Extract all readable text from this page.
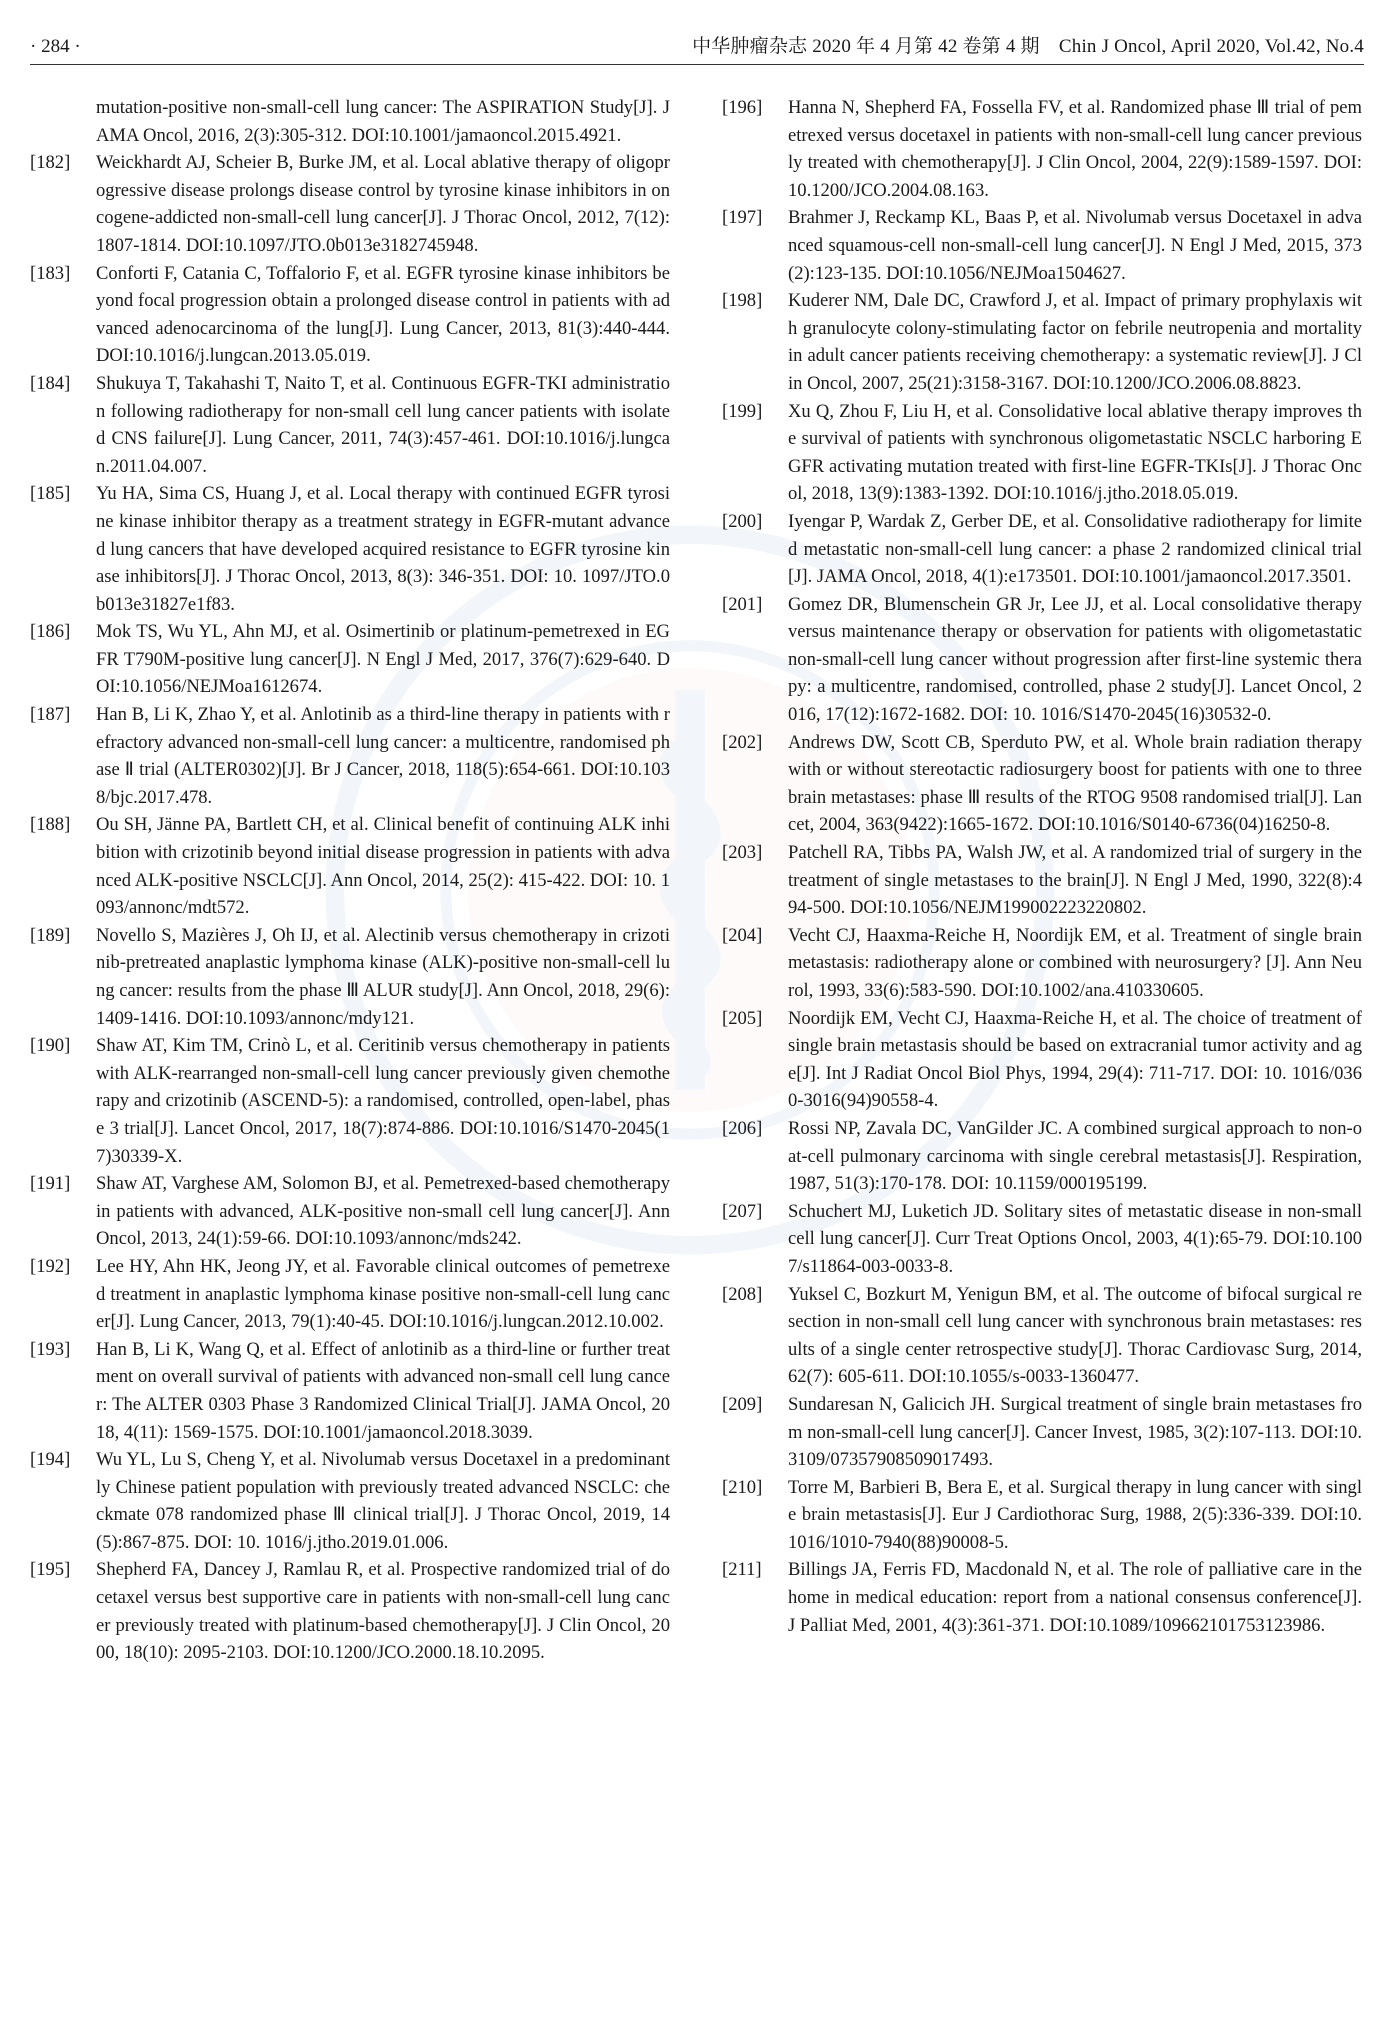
· 284 ·	中华肿瘤杂志 2020 年 4 月第 42 卷第 4 期　Chin J Oncol, April 2020, Vol.42, No.4
mutation-positive non-small-cell lung cancer: The ASPIRATION Study[J]. JAMA Oncol, 2016, 2(3):305-312. DOI:10.1001/jamaoncol.2015.4921.
[182]	Weickhardt AJ, Scheier B, Burke JM, et al. Local ablative therapy of oligoprogressive disease prolongs disease control by tyrosine kinase inhibitors in oncogene-addicted non-small-cell lung cancer[J]. J Thorac Oncol, 2012, 7(12): 1807-1814. DOI:10.1097/JTO.0b013e3182745948.
[183]	Conforti F, Catania C, Toffalorio F, et al. EGFR tyrosine kinase inhibitors beyond focal progression obtain a prolonged disease control in patients with advanced adenocarcinoma of the lung[J]. Lung Cancer, 2013, 81(3):440-444. DOI:10.1016/j.lungcan.2013.05.019.
[184]	Shukuya T, Takahashi T, Naito T, et al. Continuous EGFR-TKI administration following radiotherapy for non-small cell lung cancer patients with isolated CNS failure[J]. Lung Cancer, 2011, 74(3):457-461. DOI:10.1016/j.lungcan.2011.04.007.
[185]	Yu HA, Sima CS, Huang J, et al. Local therapy with continued EGFR tyrosine kinase inhibitor therapy as a treatment strategy in EGFR-mutant advanced lung cancers that have developed acquired resistance to EGFR tyrosine kinase inhibitors[J]. J Thorac Oncol, 2013, 8(3): 346-351. DOI: 10. 1097/JTO.0b013e31827e1f83.
[186]	Mok TS, Wu YL, Ahn MJ, et al. Osimertinib or platinum-pemetrexed in EGFR T790M-positive lung cancer[J]. N Engl J Med, 2017, 376(7):629-640. DOI:10.1056/NEJMoa1612674.
[187]	Han B, Li K, Zhao Y, et al. Anlotinib as a third-line therapy in patients with refractory advanced non-small-cell lung cancer: a multicentre, randomised phase Ⅱ trial (ALTER0302)[J]. Br J Cancer, 2018, 118(5):654-661. DOI:10.1038/bjc.2017.478.
[188]	Ou SH, Jänne PA, Bartlett CH, et al. Clinical benefit of continuing ALK inhibition with crizotinib beyond initial disease progression in patients with advanced ALK-positive NSCLC[J]. Ann Oncol, 2014, 25(2): 415-422. DOI: 10. 1093/annonc/mdt572.
[189]	Novello S, Mazières J, Oh IJ, et al. Alectinib versus chemotherapy in crizotinib-pretreated anaplastic lymphoma kinase (ALK)-positive non-small-cell lung cancer: results from the phase Ⅲ ALUR study[J]. Ann Oncol, 2018, 29(6):1409-1416. DOI:10.1093/annonc/mdy121.
[190]	Shaw AT, Kim TM, Crinò L, et al. Ceritinib versus chemotherapy in patients with ALK-rearranged non-small-cell lung cancer previously given chemotherapy and crizotinib (ASCEND-5): a randomised, controlled, open-label, phase 3 trial[J]. Lancet Oncol, 2017, 18(7):874-886. DOI:10.1016/S1470-2045(17)30339-X.
[191]	Shaw AT, Varghese AM, Solomon BJ, et al. Pemetrexed-based chemotherapy in patients with advanced, ALK-positive non-small cell lung cancer[J]. Ann Oncol, 2013, 24(1):59-66. DOI:10.1093/annonc/mds242.
[192]	Lee HY, Ahn HK, Jeong JY, et al. Favorable clinical outcomes of pemetrexed treatment in anaplastic lymphoma kinase positive non-small-cell lung cancer[J]. Lung Cancer, 2013, 79(1):40-45. DOI:10.1016/j.lungcan.2012.10.002.
[193]	Han B, Li K, Wang Q, et al. Effect of anlotinib as a third-line or further treatment on overall survival of patients with advanced non-small cell lung cancer: The ALTER 0303 Phase 3 Randomized Clinical Trial[J]. JAMA Oncol, 2018, 4(11): 1569-1575. DOI:10.1001/jamaoncol.2018.3039.
[194]	Wu YL, Lu S, Cheng Y, et al. Nivolumab versus Docetaxel in a predominantly Chinese patient population with previously treated advanced NSCLC: checkmate 078 randomized phase Ⅲ clinical trial[J]. J Thorac Oncol, 2019, 14(5):867-875. DOI: 10. 1016/j.jtho.2019.01.006.
[195]	Shepherd FA, Dancey J, Ramlau R, et al. Prospective randomized trial of docetaxel versus best supportive care in patients with non-small-cell lung cancer previously treated with platinum-based chemotherapy[J]. J Clin Oncol, 2000, 18(10): 2095-2103. DOI:10.1200/JCO.2000.18.10.2095.
[196]	Hanna N, Shepherd FA, Fossella FV, et al. Randomized phase Ⅲ trial of pemetrexed versus docetaxel in patients with non-small-cell lung cancer previously treated with chemotherapy[J]. J Clin Oncol, 2004, 22(9):1589-1597. DOI:10.1200/JCO.2004.08.163.
[197]	Brahmer J, Reckamp KL, Baas P, et al. Nivolumab versus Docetaxel in advanced squamous-cell non-small-cell lung cancer[J]. N Engl J Med, 2015, 373(2):123-135. DOI:10.1056/NEJMoa1504627.
[198]	Kuderer NM, Dale DC, Crawford J, et al. Impact of primary prophylaxis with granulocyte colony-stimulating factor on febrile neutropenia and mortality in adult cancer patients receiving chemotherapy: a systematic review[J]. J Clin Oncol, 2007, 25(21):3158-3167. DOI:10.1200/JCO.2006.08.8823.
[199]	Xu Q, Zhou F, Liu H, et al. Consolidative local ablative therapy improves the survival of patients with synchronous oligometastatic NSCLC harboring EGFR activating mutation treated with first-line EGFR-TKIs[J]. J Thorac Oncol, 2018, 13(9):1383-1392. DOI:10.1016/j.jtho.2018.05.019.
[200]	Iyengar P, Wardak Z, Gerber DE, et al. Consolidative radiotherapy for limited metastatic non-small-cell lung cancer: a phase 2 randomized clinical trial[J]. JAMA Oncol, 2018, 4(1):e173501. DOI:10.1001/jamaoncol.2017.3501.
[201]	Gomez DR, Blumenschein GR Jr, Lee JJ, et al. Local consolidative therapy versus maintenance therapy or observation for patients with oligometastatic non-small-cell lung cancer without progression after first-line systemic therapy: a multicentre, randomised, controlled, phase 2 study[J]. Lancet Oncol, 2016, 17(12):1672-1682. DOI: 10. 1016/S1470-2045(16)30532-0.
[202]	Andrews DW, Scott CB, Sperduto PW, et al. Whole brain radiation therapy with or without stereotactic radiosurgery boost for patients with one to three brain metastases: phase Ⅲ results of the RTOG 9508 randomised trial[J]. Lancet, 2004, 363(9422):1665-1672. DOI:10.1016/S0140-6736(04)16250-8.
[203]	Patchell RA, Tibbs PA, Walsh JW, et al. A randomized trial of surgery in the treatment of single metastases to the brain[J]. N Engl J Med, 1990, 322(8):494-500. DOI:10.1056/NEJM199002223220802.
[204]	Vecht CJ, Haaxma-Reiche H, Noordijk EM, et al. Treatment of single brain metastasis: radiotherapy alone or combined with neurosurgery? [J]. Ann Neurol, 1993, 33(6):583-590. DOI:10.1002/ana.410330605.
[205]	Noordijk EM, Vecht CJ, Haaxma-Reiche H, et al. The choice of treatment of single brain metastasis should be based on extracranial tumor activity and age[J]. Int J Radiat Oncol Biol Phys, 1994, 29(4): 711-717. DOI: 10. 1016/0360-3016(94)90558-4.
[206]	Rossi NP, Zavala DC, VanGilder JC. A combined surgical approach to non-oat-cell pulmonary carcinoma with single cerebral metastasis[J]. Respiration, 1987, 51(3):170-178. DOI: 10.1159/000195199.
[207]	Schuchert MJ, Luketich JD. Solitary sites of metastatic disease in non-small cell lung cancer[J]. Curr Treat Options Oncol, 2003, 4(1):65-79. DOI:10.1007/s11864-003-0033-8.
[208]	Yuksel C, Bozkurt M, Yenigun BM, et al. The outcome of bifocal surgical resection in non-small cell lung cancer with synchronous brain metastases: results of a single center retrospective study[J]. Thorac Cardiovasc Surg, 2014, 62(7): 605-611. DOI:10.1055/s-0033-1360477.
[209]	Sundaresan N, Galicich JH. Surgical treatment of single brain metastases from non-small-cell lung cancer[J]. Cancer Invest, 1985, 3(2):107-113. DOI:10.3109/07357908509017493.
[210]	Torre M, Barbieri B, Bera E, et al. Surgical therapy in lung cancer with single brain metastasis[J]. Eur J Cardiothorac Surg, 1988, 2(5):336-339. DOI:10.1016/1010-7940(88)90008-5.
[211]	Billings JA, Ferris FD, Macdonald N, et al. The role of palliative care in the home in medical education: report from a national consensus conference[J]. J Palliat Med, 2001, 4(3):361-371. DOI:10.1089/109662101753123986.
